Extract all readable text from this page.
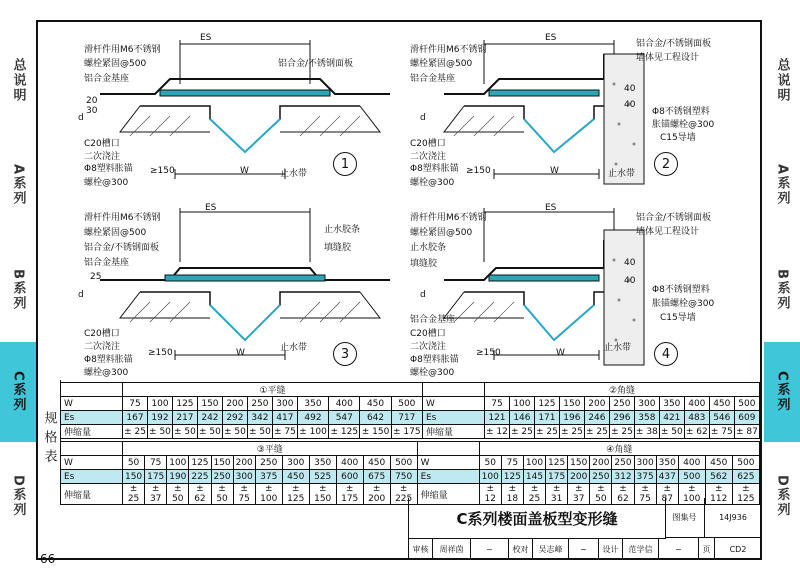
总说明
A系列
B系列
C系列
D系列
总说明
A系列
B系列
C系列
D系列
ES
滑杆件用M6不锈钢
螺栓紧固@500
铝合金基座
铝合金/不锈钢面板
C20槽口
二次浇注
Φ8塑料胀锚
螺栓@300
≥150	W	止水带
d
20
30
1
ES
滑杆件用M6不锈钢
螺栓紧固@500
铝合金基座
铝合金/不锈钢面板
墙体见工程设计
C20槽口
二次浇注
Φ8塑料胀锚
螺栓@300
≥150	W	止水带
Φ8不锈钢塑料
胀锚螺栓@300
C15导墙
d
40
40
2
ES
滑杆件用M6不锈钢
螺栓紧固@500
铝合金/不锈钢面板
铝合金基座
止水胶条
填缝胶
C20槽口
二次浇注
Φ8塑料胀锚
螺栓@300
≥150	W	止水带
d
25
3
ES
滑杆件用M6不锈钢
螺栓紧固@500
止水胶条
填缝胶
铝合金/不锈钢面板
墙体见工程设计
铝合金基座
C20槽口
二次浇注
Φ8塑料胀锚
螺栓@300
≥150	W	止水带
Φ8不锈钢塑料
胀锚螺栓@300
C15导墙
d
40
40
4
规格表
	①平缝												②角缝										
W	75	100	125	150	200	250	300	350	400	450	500	W	75	100	125	150	200	250	300	350	400	450	500
Es	167	192	217	242	292	342	417	492	547	642	717	Es	121	146	171	196	246	296	358	421	483	546	609
伸缩量	± 25	± 50	± 50	± 50	± 50	± 50	± 75	± 100	± 125	± 150	± 175	伸缩量	± 12	± 25	± 25	± 25	± 25	± 25	± 38	± 50	± 62	± 75	± 87
	③平缝													④角缝											
W	50	75	100	125	150	200	250	300	350	400	450	500	W	50	75	100	125	150	200	250	300	350	400	450	500
Es	150	175	190	225	250	300	375	450	525	600	675	750	Es	100	125	145	175	200	250	312	375	437	500	562	625
伸缩量	± 25	± 37	± 50	± 62	± 50	± 75	± 100	± 125	± 150	± 175	± 200	± 225	伸缩量	± 12	± 18	± 25	± 31	± 37	± 50	± 62	± 75	± 87	± 100	± 112	± 125
C系列楼面盖板型变形缝	图集号	14J936
审核	周祥茵	~	校对	吴志峰	~	设计	范学信	~	页	CD2
66
